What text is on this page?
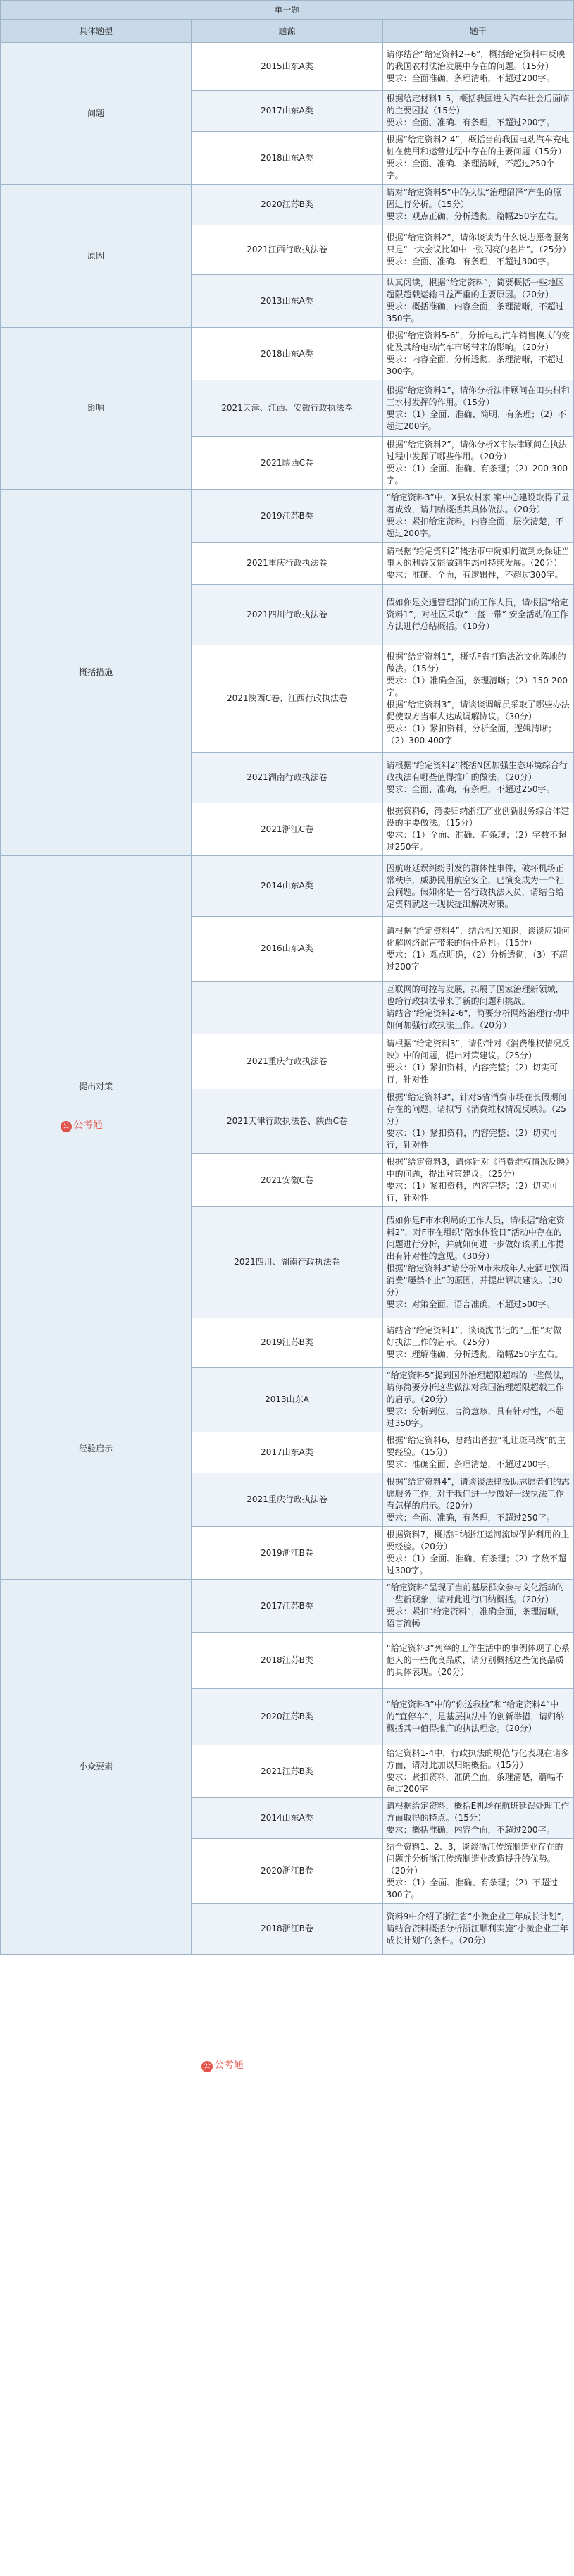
单一题		
具体题型	题源	题干
问题	2015山东A类	请你结合“给定资料2~6”，概括给定资料中反映的我国农村法治发展中存在的问题。（15分）
要求：全面准确，条理清晰，不超过200字。

	2017山东A类	根据给定材料1-5，概括我国进入汽车社会后面临的主要困扰（15分）
要求：全面、准确、有条理，不超过200字。

	2018山东A类	根据“给定资料2-4”，概括当前我国电动汽车充电桩在使用和运营过程中存在的主要问题（15分）
要求：全面、准确、条理清晰，不超过250个字。

原因	2020江苏B类	请对“给定资料5”中的执法“治理沼泽”产生的原因进行分析。（15分）
要求：观点正确，分析透彻，篇幅250字左右。

	2021江西行政执法卷	根据“给定资料2”，请你谈谈为什么说志愿者服务只是“一大会议比如中一张闪亮的名片”。（25分）
要求：全面、准确、有条理，不超过300字。

	2013山东A类	认真阅读，根据“给定资料”，简要概括一些地区超限超载运输日益严重的主要原因。（20分）
要求：概括准确，内容全面，条理清晰，不超过350字。

影响	2018山东A类	根据“给定资料5-6”，分析电动汽车销售模式的变化及其给电动汽车市场带来的影响。（20分）
要求：内容全面，分析透彻，条理清晰，不超过300字。

	2021天津、江西、安徽行政执法卷	根据“给定资料1”，请你分析法律顾问在田头村和三水村发挥的作用。（15分）
要求：（1）全面、准确、简明，有条理；（2）不超过200字。

	2021陕西C卷	根据“给定资料2”，请你分析X市法律顾问在执法过程中发挥了哪些作用。（20分）
要求：（1）全面、准确、有条理；（2）200-300字。

概括措施	2019江苏B类	“给定资料3”中，X县农村家 案中心建设取得了显著成效，请归纳概括其具体做法。（20分）
要求：紧扣给定资料，内容全面，层次清楚，不超过200字。

	2021重庆行政执法卷	请根据“给定资料2”概括市中院如何做到既保证当事人的利益又能做到生态可持续发展。（20分）
要求：准确、全面，有逻辑性，不超过300字。

	2021四川行政执法卷	假如你是交通管理部门的工作人员，请根据“给定资料1”，对社区采取“一盔一带” 安全活动的工作方法进行总结概括。（10分）

	2021陕西C卷、江西行政执法卷	根据“给定资料1”，概括F省打造法治文化阵地的做法。（15分）
要求：（1）准确全面，条理清晰；（2）150-200字。
根据“给定资料3”，请谈谈调解员采取了哪些办法促使双方当事人达成调解协议。（30分）
要求：（1）紧扣资料，分析全面，逻辑清晰；（2）300-400字

	2021湖南行政执法卷	请根据“给定资料2”概括N区加强生态环境综合行政执法有哪些值得推广的做法。（20分）
要求：全面、准确，有条理，不超过250字。

	2021浙江C卷	根据资料6，简要归纳浙江产业创新服务综合体建设的主要做法。（15分）
要求：（1）全面、准确、有条理；（2）字数不超过250字。

提出对策	2014山东A类	因航班延误纠纷引发的群体性事件，破坏机场正常秩序，威胁民用航空安全，已演变成为一个社会问题。假如你是一名行政执法人员，请结合给定资料就这一现状提出解决对策。

	2016山东A类	请根据“给定资料4”，结合相关知识，谈谈应如何化解网络谣言带来的信任危机。（15分）
要求：（1）观点明确，（2）分析透彻，（3）不超过200字

		互联网的可控与发展，拓展了国家治理新领域，也给行政执法带来了新的问题和挑战。
请结合“给定资料2-6”，简要分析网络治理行动中如何加强行政执法工作。（20分）

	2021重庆行政执法卷	请根据“给定资料3”，请你针对《消费维权情况反映》中的问题，提出对策建议。（25分）
要求：（1）紧扣资料，内容完整；（2）切实可行，针对性

	2021天津行政执法卷、陕西C卷	根据“给定资料3”，针对S省消费市场在长假期间存在的问题，请拟写《消费维权情况反映》。（25分）
要求：（1）紧扣资料，内容完整；（2）切实可行，针对性

	2021安徽C卷	根据“给定资料3，请你针对《消费维权情况反映》中的问题，提出对策建议。（25分）
要求：（1）紧扣资料，内容完整；（2）切实可行，针对性

	2021四川、湖南行政执法卷	假如你是F市水利局的工作人员，请根据“给定资料2”，对F市在组织“陪水体验日”活动中存在的问题进行分析，并就如何进一步做好该项工作提出有针对性的意见。（30分）
根据“给定资料3”请分析M市未成年人走酒吧饮酒消费“屡禁不止”的原因，并提出解决建议。（30分）
要求：对策全面，语言准确，不超过500字。

经验启示	2019江苏B类	请结合“给定资料1”，谈谈沈书记的“三怕”对做好执法工作的启示。（25分）
要求：理解准确，分析透彻，篇幅250字左右。

	2013山东A	“给定资料5”提到国外治理超限超载的一些做法，请你简要分析这些做法对我国治理超限超载工作的启示。（20分）
要求：分析到位，言简意赅，具有针对性，不超过350字。

	2017山东A类	根据“给定资料6，总结出普拉“礼让斑马线”的主要经验。（15分）
要求：准确全面、条理清楚，不超过200字。

	2021重庆行政执法卷	根据“给定资料4”，请谈谈法律援助志愿者们的志愿服务工作，对于我们进一步做好一线执法工作有怎样的启示。（20分）
要求：全面、准确，有条理，不超过250字。

	2019浙江B卷	根据资料7，概括归纳浙江运河流域保护利用的主要经验。（20分）
要求：（1）全面、准确、有条理；（2）字数不超过300字。

小众要素	2017江苏B类	“给定资料”呈现了当前基层群众参与文化活动的一些新现象，请对此进行归纳概括。（20分）
要求：紧扣“给定资料”，准确全面，条理清晰，语言流畅

	2018江苏B类	“给定资料3”列举的工作生活中的事例体现了心系他人的一些优良品质，请分别概括这些优良品质的具体表现。（20分）

	2020江苏B类	“给定资料3”中的“你送我检”和“给定资料4”中的“宜停车”，是基层执法中的创新举措，请归纳概括其中值得推广的执法理念。（20分）

	2021江苏B类	给定资料1-4中，行政执法的规范与化表现在诸多方面，请对此加以归纳概括。（15分）
要求：紧扣资料，准确全面，条理清楚，篇幅不超过200字

	2014山东A类	请根据给定资料，概括E机场在航班延误处理工作方面取得的特点。（15分）
要求：概括准确，内容全面，不超过200字。

	2020浙江B卷	结合资料1、2、3，谈谈浙江传统制造业存在的问题并分析浙江传统制造业改造提升的优势。（20分）
要求：（1）全面、准确、有条理；（2）不超过300字。

	2018浙江B卷	资料9中介绍了浙江省“小微企业三年成长计划”，请结合资料概括分析浙江顺利实施“小微企业三年成长计划”的条件。（20分）
公 公考通
公 公考通
